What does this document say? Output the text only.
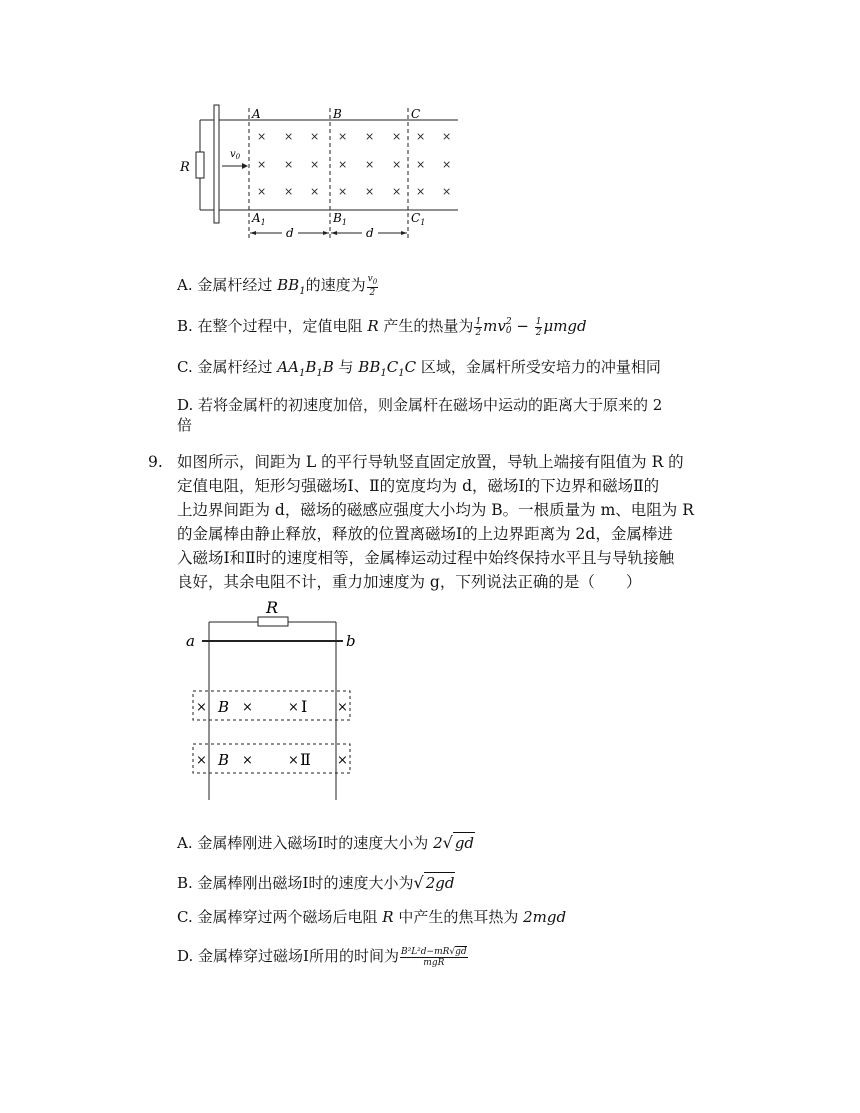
R
$v_0$
A	B	C
$A_1$	$B_1$	$C_1$
× × × × × × × ×
× × × × × × × ×
× × × × × × × ×
d	d
A. 金属杆经过 $BB_1$的速度为 $\frac{v_0}{2}$
B. 在整个过程中，定值电阻 R 产生的热量为 $\frac{1}{2}$ mv 2
$0 - \frac{1}{2}$ μmgd
C. 金属杆经过 $AA_1B_1B$ 与 $BB_1C_1C$ 区域，金属杆所受安培力的冲量相同
D. 若将金属杆的初速度加倍，则金属杆在磁场中运动的距离大于原来的 2
倍
9. 如图所示，间距为 L 的平行导轨竖直固定放置，导轨上端接有阻值为 R 的
定值电阻，矩形匀强磁场Ⅰ、Ⅱ的宽度均为 d，磁场Ⅰ的下边界和磁场Ⅱ的
上边界间距为 d，磁场的磁感应强度大小均为 B。一根质量为 m、电阻为 R
的金属棒由静止释放，释放的位置离磁场Ⅰ的上边界距离为 2d，金属棒进
入磁场Ⅰ和Ⅱ时的速度相等，金属棒运动过程中始终保持水平且与导轨接触
良好，其余电阻不计，重力加速度为 g，下列说法正确的是（　　）
R
a	b
×	×
B ×	× Ⅰ
×	×
B ×	× Ⅱ
A. 金属棒刚进入磁场Ⅰ时的速度大小为 2√ gd
B. 金属棒刚出磁场Ⅰ时的速度大小为√ 2gd
C. 金属棒穿过两个磁场后电阻 R 中产生的焦耳热为 2mgd
D. 金属棒穿过磁场Ⅰ所用的时间为 $\frac{\text{B²L²d−mR√gd}}{\text{mgR}}$
